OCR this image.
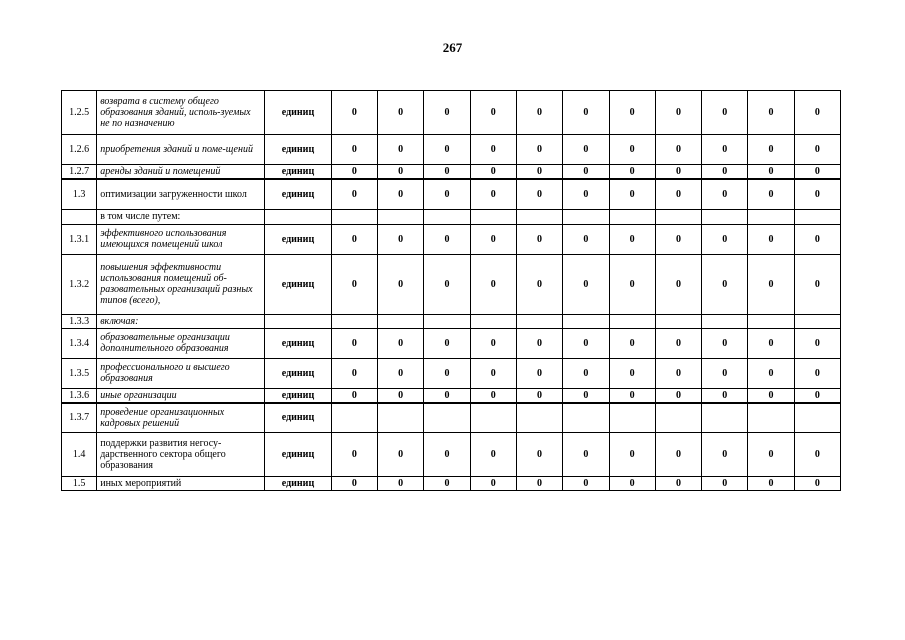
267
1.2.5	возврата в систему общего образования зданий, исполь-зуемых не по назначению	единиц	0	0	0	0	0	0	0	0	0	0	0
1.2.6	приобретения зданий и поме-щений	единиц	0	0	0	0	0	0	0	0	0	0	0
1.2.7	аренды зданий и помещений	единиц	0	0	0	0	0	0	0	0	0	0	0
1.3	оптимизации загруженности школ	единиц	0	0	0	0	0	0	0	0	0	0	0
	в том числе путем:												
1.3.1	эффективного использования имеющихся помещений школ	единиц	0	0	0	0	0	0	0	0	0	0	0
1.3.2	повышения эффективности использования помещений об-разовательных организаций разных типов (всего),	единиц	0	0	0	0	0	0	0	0	0	0	0
1.3.3	включая:												
1.3.4	образовательные организации дополнительного образования	единиц	0	0	0	0	0	0	0	0	0	0	0
1.3.5	профессионального и высшего образования	единиц	0	0	0	0	0	0	0	0	0	0	0
1.3.6	иные организации	единиц	0	0	0	0	0	0	0	0	0	0	0
1.3.7	проведение организационных кадровых решений	единиц											
1.4	поддержки развития негосу-дарственного сектора общего образования	единиц	0	0	0	0	0	0	0	0	0	0	0
1.5	иных мероприятий	единиц	0	0	0	0	0	0	0	0	0	0	0
